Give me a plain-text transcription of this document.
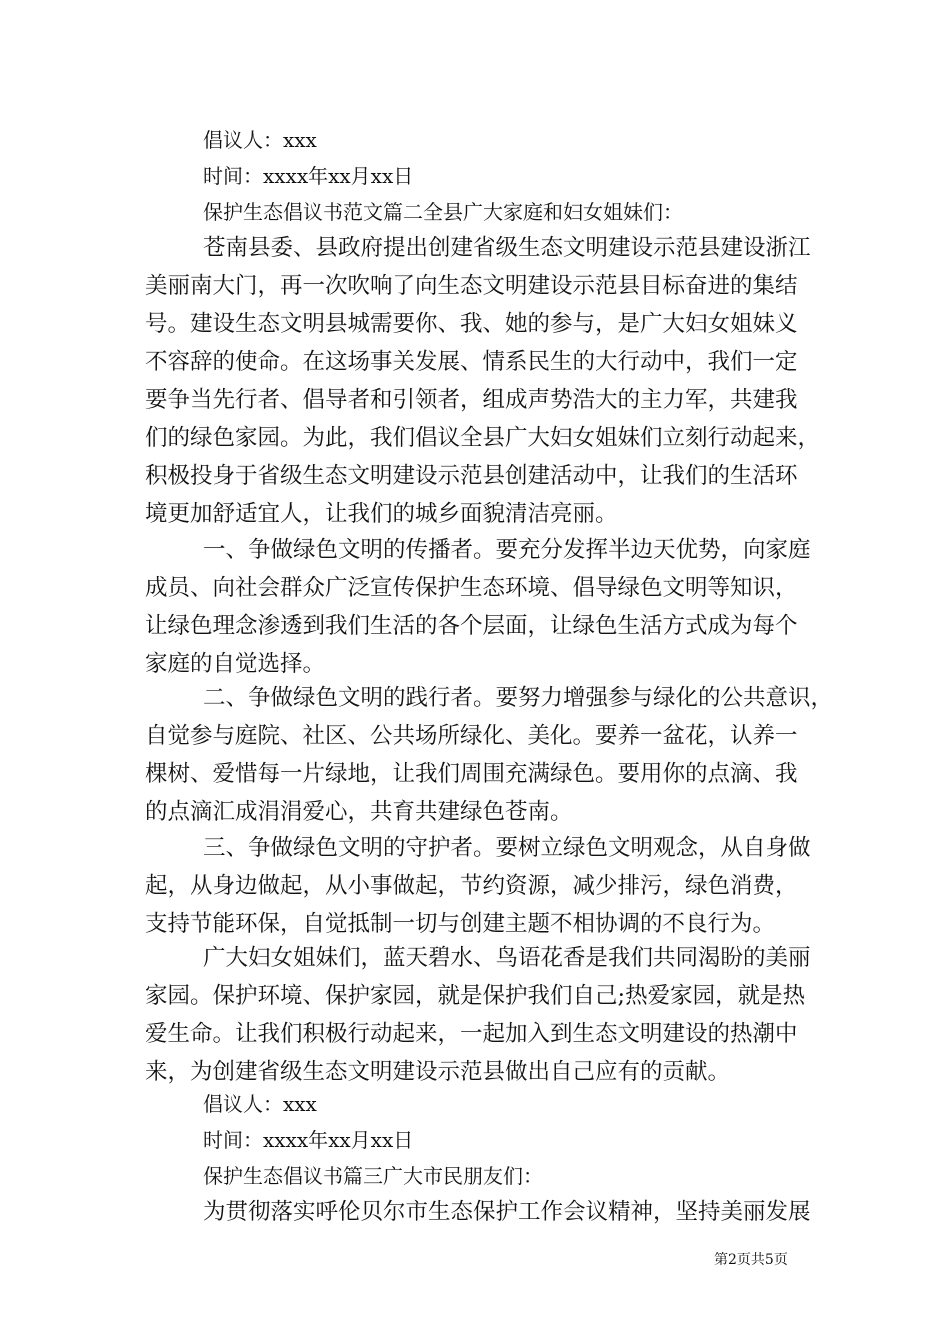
倡议人：xxx
时间：xxxx年xx月xx日
保护生态倡议书范文篇二全县广大家庭和妇女姐妹们：
苍南县委、县政府提出创建省级生态文明建设示范县建设浙江
美丽南大门，再一次吹响了向生态文明建设示范县目标奋进的集结
号。建设生态文明县城需要你、我、她的参与，是广大妇女姐妹义
不容辞的使命。在这场事关发展、情系民生的大行动中，我们一定
要争当先行者、倡导者和引领者，组成声势浩大的主力军，共建我
们的绿色家园。为此，我们倡议全县广大妇女姐妹们立刻行动起来，
积极投身于省级生态文明建设示范县创建活动中，让我们的生活环
境更加舒适宜人，让我们的城乡面貌清洁亮丽。
一、争做绿色文明的传播者。要充分发挥半边天优势，向家庭
成员、向社会群众广泛宣传保护生态环境、倡导绿色文明等知识，
让绿色理念渗透到我们生活的各个层面，让绿色生活方式成为每个
家庭的自觉选择。
二、争做绿色文明的践行者。要努力增强参与绿化的公共意识，
自觉参与庭院、社区、公共场所绿化、美化。要养一盆花，认养一
棵树、爱惜每一片绿地，让我们周围充满绿色。要用你的点滴、我
的点滴汇成涓涓爱心，共育共建绿色苍南。
三、争做绿色文明的守护者。要树立绿色文明观念，从自身做
起，从身边做起，从小事做起，节约资源，减少排污，绿色消费，
支持节能环保，自觉抵制一切与创建主题不相协调的不良行为。
广大妇女姐妹们，蓝天碧水、鸟语花香是我们共同渴盼的美丽
家园。保护环境、保护家园，就是保护我们自己;热爱家园，就是热
爱生命。让我们积极行动起来，一起加入到生态文明建设的热潮中
来，为创建省级生态文明建设示范县做出自己应有的贡献。
倡议人：xxx
时间：xxxx年xx月xx日
保护生态倡议书篇三广大市民朋友们：
为贯彻落实呼伦贝尔市生态保护工作会议精神，坚持美丽发展
第2页共5页
